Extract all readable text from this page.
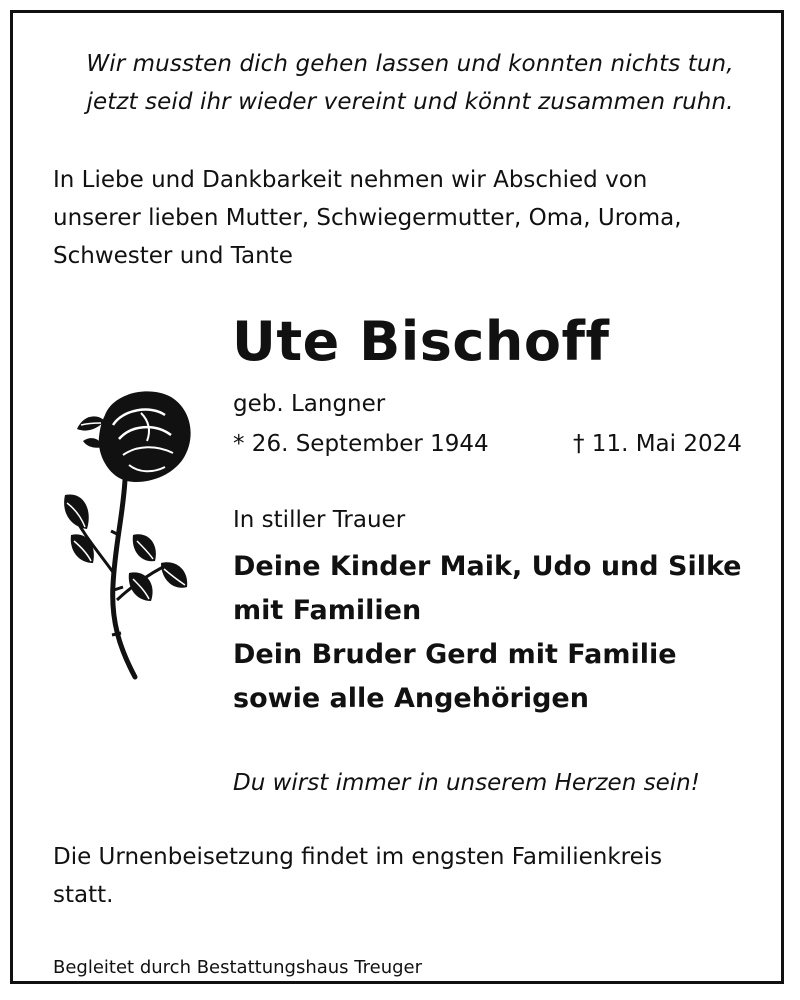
Wir mussten dich gehen lassen und konnten nichts tun,
jetzt seid ihr wieder vereint und könnt zusammen ruhn.
In Liebe und Dankbarkeit nehmen wir Abschied von
unserer lieben Mutter, Schwiegermutter, Oma, Uroma,
Schwester und Tante
Ute Bischoff
geb. Langner
* 26. September 1944	† 11. Mai 2024
In stiller Trauer
Deine Kinder Maik, Udo und Silke
mit Familien
Dein Bruder Gerd mit Familie
sowie alle Angehörigen
Du wirst immer in unserem Herzen sein!
Die Urnenbeisetzung findet im engsten Familienkreis
statt.
Begleitet durch Bestattungshaus Treuger
